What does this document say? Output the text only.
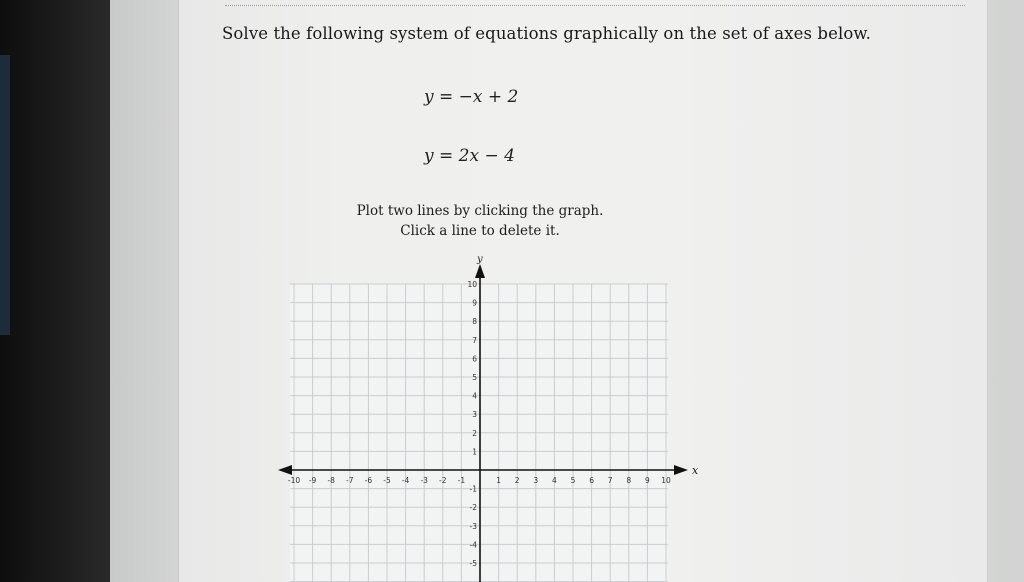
Solve the following system of equations graphically on the set of axes below.
y = −x + 2
y = 2x − 4
Plot two lines by clicking the graph.
Click a line to delete it.
x
y
-10 -9 -8 -7 -6 -5 -4 -3 -2 -1	1 2 3 4 5 6 7 8 9 10
10
9
8
7
6
5
4
3
2
1
-1
-2
-3
-4
-5
